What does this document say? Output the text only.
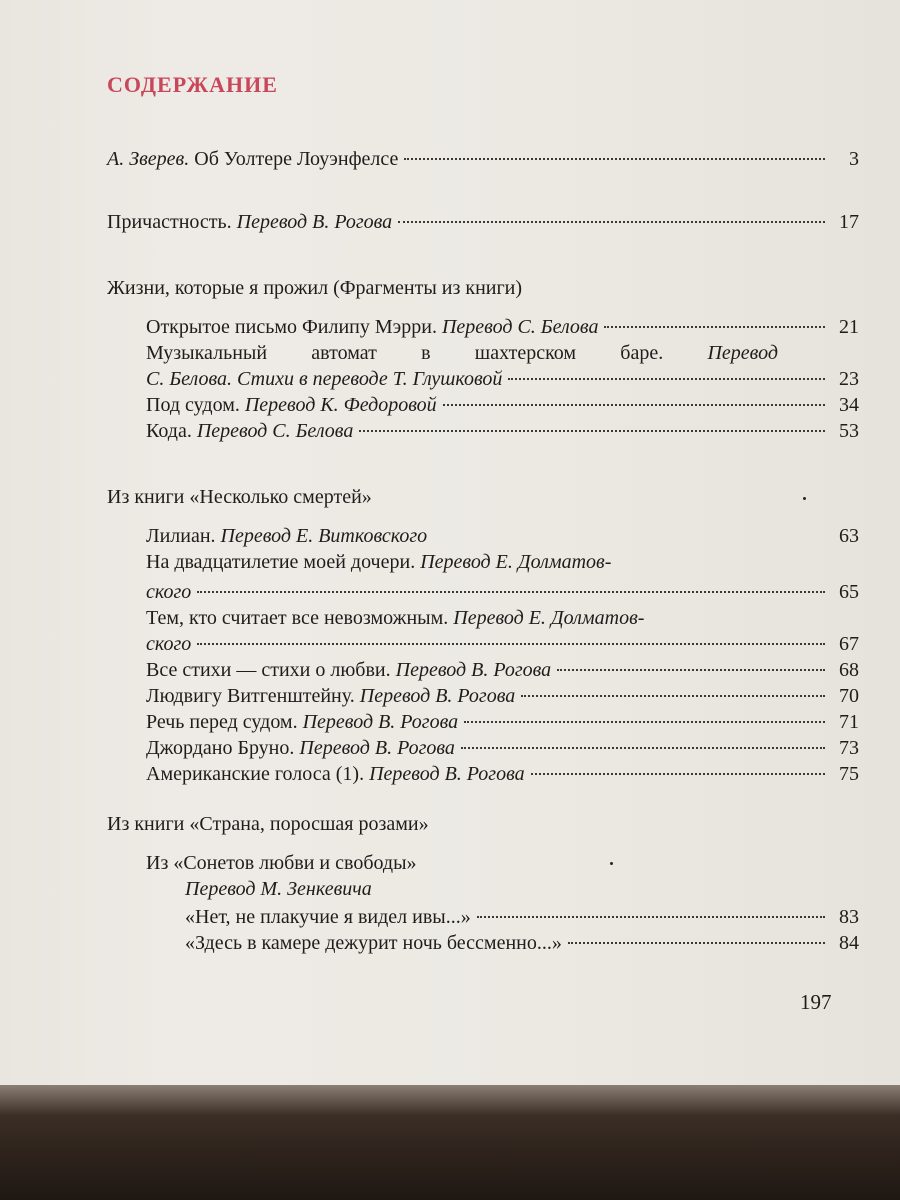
СОДЕРЖАНИЕ
А. Зверев. Об Уолтере Лоуэнфелсе	3
Причастность. Перевод В. Рогова	17
Жизни, которые я прожил (Фрагменты из книги)
Открытое письмо Филипу Мэрри. Перевод С. Белова	21
Музыкальный автомат в шахтерском баре. Перевод
С. Белова. Стихи в переводе Т. Глушковой	23
Под судом. Перевод К. Федоровой	34
Кода. Перевод С. Белова	53
Из книги «Несколько смертей»
Лилиан. Перевод Е. Витковского	63
На двадцатилетие моей дочери. Перевод Е. Долматов-
ского	65
Тем, кто считает все невозможным. Перевод Е. Долматов-
ского	67
Все стихи — стихи о любви. Перевод В. Рогова	68
Людвигу Витгенштейну. Перевод В. Рогова	70
Речь перед судом. Перевод В. Рогова	71
Джордано Бруно. Перевод В. Рогова	73
Американские голоса (1). Перевод В. Рогова	75
Из книги «Страна, поросшая розами»
Из «Сонетов любви и свободы»
Перевод М. Зенкевича
«Нет, не плакучие я видел ивы...»	83
«Здесь в камере дежурит ночь бессменно...»	84
197
